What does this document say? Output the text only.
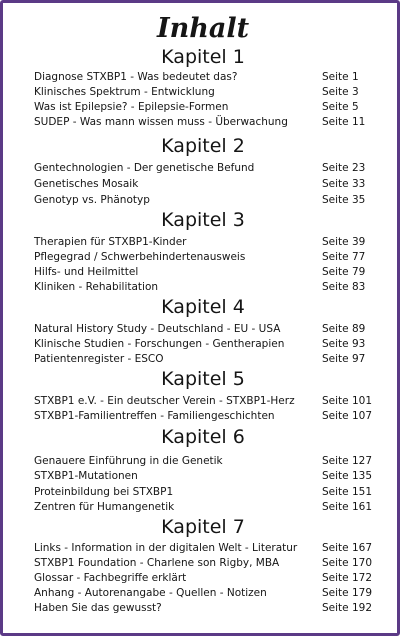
Inhalt
Kapitel 1
Diagnose STXBP1 - Was bedeutet das?	Seite 1
Klinisches Spektrum - Entwicklung	Seite 3
Was ist Epilepsie? - Epilepsie-Formen	Seite 5
SUDEP - Was mann wissen muss - Überwachung	Seite 11
Kapitel 2
Gentechnologien - Der genetische Befund	Seite 23
Genetisches Mosaik	Seite 33
Genotyp vs. Phänotyp	Seite 35
Kapitel 3
Therapien für STXBP1-Kinder	Seite 39
Pflegegrad / Schwerbehindertenausweis	Seite 77
Hilfs- und Heilmittel	Seite 79
Kliniken - Rehabilitation	Seite 83
Kapitel 4
Natural History Study - Deutschland - EU - USA	Seite 89
Klinische Studien - Forschungen - Gentherapien	Seite 93
Patientenregister - ESCO	Seite 97
Kapitel 5
STXBP1 e.V. - Ein deutscher Verein - STXBP1-Herz	Seite 101
STXBP1-Familientreffen - Familiengeschichten	Seite 107
Kapitel 6
Genauere Einführung in die Genetik	Seite 127
STXBP1-Mutationen	Seite 135
Proteinbildung bei STXBP1	Seite 151
Zentren für Humangenetik	Seite 161
Kapitel 7
Links - Information in der digitalen Welt - Literatur Seite 167
STXBP1 Foundation - Charlene son Rigby, MBA	Seite 170
Glossar - Fachbegriffe erklärt	Seite 172
Anhang - Autorenangabe - Quellen - Notizen	Seite 179
Haben Sie das gewusst?	Seite 192
